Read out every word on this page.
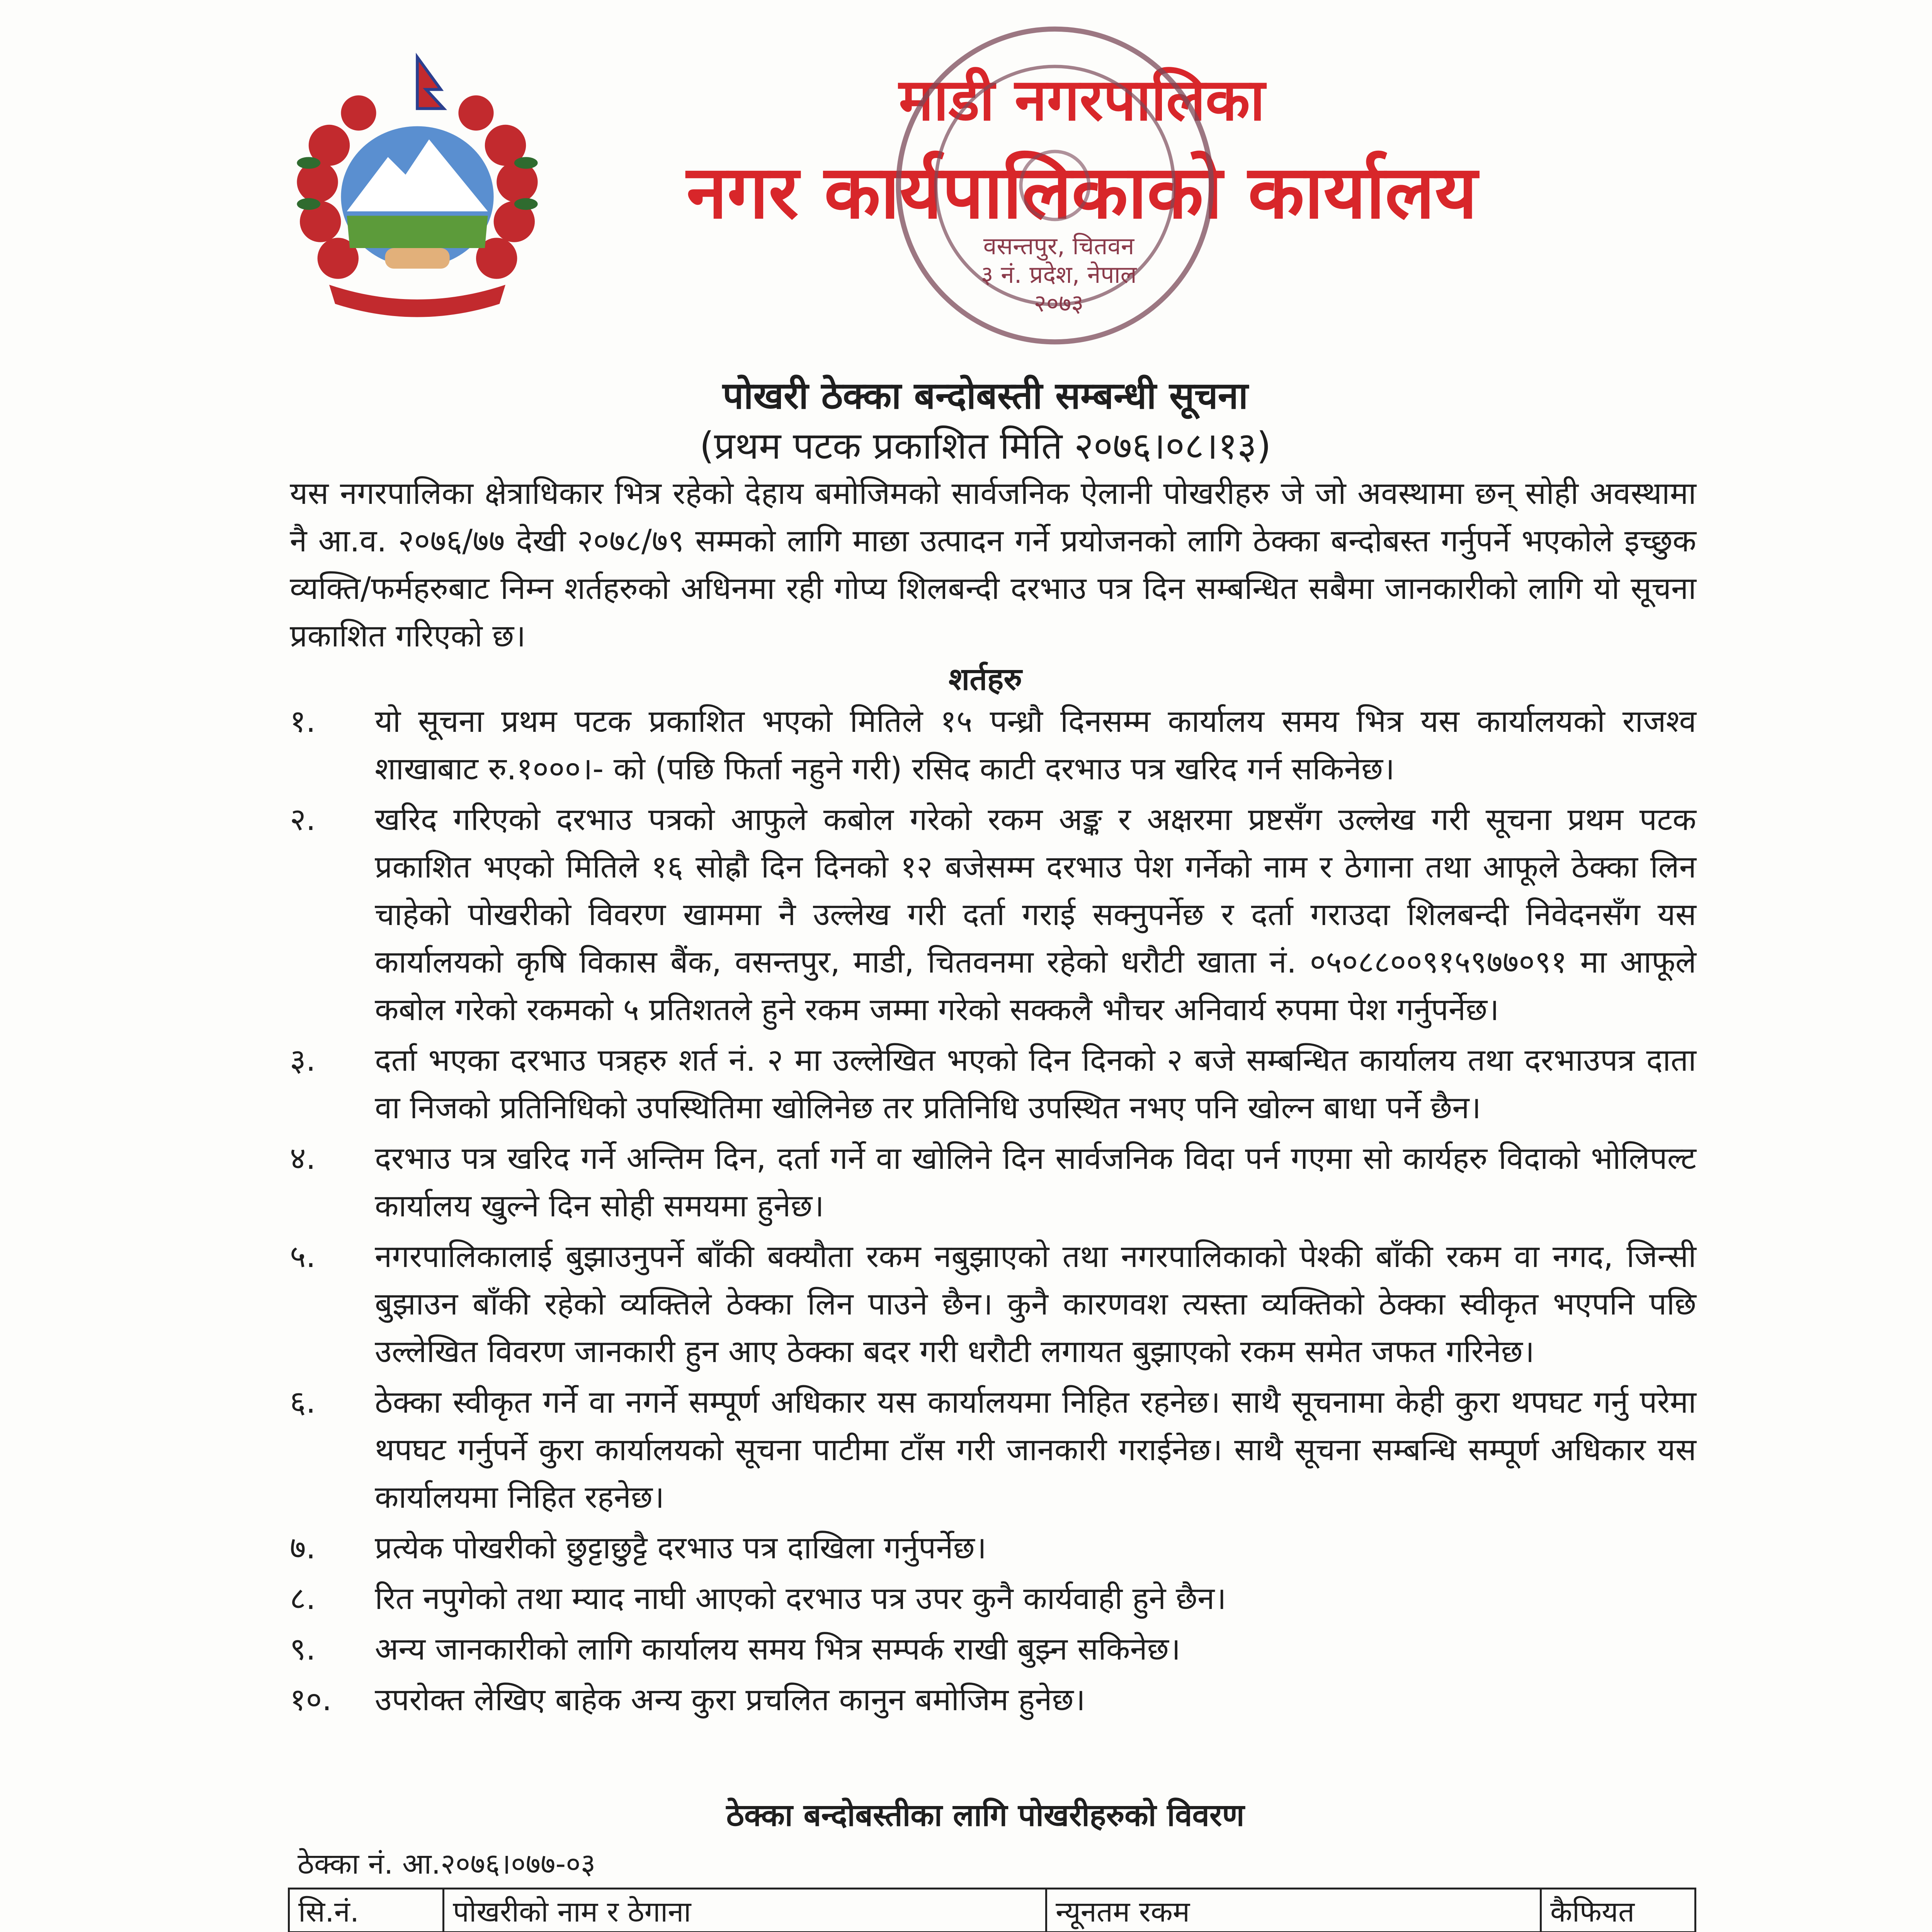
माडी नगरपालिका
नगर कार्यपालिकाको कार्यालय
वसन्तपुर, चितवन
३ नं. प्रदेश, नेपाल
२०७३
पोखरी ठेक्का बन्दोबस्ती सम्बन्धी सूचना
(प्रथम पटक प्रकाशित मिति २०७६।०८।१३)
यस नगरपालिका क्षेत्राधिकार भित्र रहेको देहाय बमोजिमको सार्वजनिक ऐलानी पोखरीहरु जे जो अवस्थामा छन् सोही अवस्थामा नै आ.व. २०७६/७७ देखी २०७८/७९ सम्मको लागि माछा उत्पादन गर्ने प्रयोजनको लागि ठेक्का बन्दोबस्त गर्नुपर्ने भएकोले इच्छुक व्यक्ति/फर्महरुबाट निम्न शर्तहरुको अधिनमा रही गोप्य शिलबन्दी दरभाउ पत्र दिन सम्बन्धित सबैमा जानकारीको लागि यो सूचना प्रकाशित गरिएको छ।
शर्तहरु
१.	यो सूचना प्रथम पटक प्रकाशित भएको मितिले १५ पन्ध्रौ दिनसम्म कार्यालय समय भित्र यस कार्यालयको राजश्व शाखाबाट रु.१०००।- को (पछि फिर्ता नहुने गरी) रसिद काटी दरभाउ पत्र खरिद गर्न सकिनेछ।
२.	खरिद गरिएको दरभाउ पत्रको आफुले कबोल गरेको रकम अङ्क र अक्षरमा प्रष्टसँग उल्लेख गरी सूचना प्रथम पटक प्रकाशित भएको मितिले १६ सोह्रौ दिन दिनको १२ बजेसम्म दरभाउ पेश गर्नेको नाम र ठेगाना तथा आफूले ठेक्का लिन चाहेको पोखरीको विवरण खाममा नै उल्लेख गरी दर्ता गराई सक्नुपर्नेछ र दर्ता गराउदा शिलबन्दी निवेदनसँग यस कार्यालयको कृषि विकास बैंक, वसन्तपुर, माडी, चितवनमा रहेको धरौटी खाता नं. ०५०८८००९१५९७७०९१ मा आफूले कबोल गरेको रकमको ५ प्रतिशतले हुने रकम जम्मा गरेको सक्कलै भौचर अनिवार्य रुपमा पेश गर्नुपर्नेछ।
३.	दर्ता भएका दरभाउ पत्रहरु शर्त नं. २ मा उल्लेखित भएको दिन दिनको २ बजे सम्बन्धित कार्यालय तथा दरभाउपत्र दाता वा निजको प्रतिनिधिको उपस्थितिमा खोलिनेछ तर प्रतिनिधि उपस्थित नभए पनि खोल्न बाधा पर्ने छैन।
४.	दरभाउ पत्र खरिद गर्ने अन्तिम दिन, दर्ता गर्ने वा खोलिने दिन सार्वजनिक विदा पर्न गएमा सो कार्यहरु विदाको भोलिपल्ट कार्यालय खुल्ने दिन सोही समयमा हुनेछ।
५.	नगरपालिकालाई बुझाउनुपर्ने बाँकी बक्यौता रकम नबुझाएको तथा नगरपालिकाको पेश्की बाँकी रकम वा नगद, जिन्सी बुझाउन बाँकी रहेको व्यक्तिले ठेक्का लिन पाउने छैन। कुनै कारणवश त्यस्ता व्यक्तिको ठेक्का स्वीकृत भएपनि पछि उल्लेखित विवरण जानकारी हुन आए ठेक्का बदर गरी धरौटी लगायत बुझाएको रकम समेत जफत गरिनेछ।
६.	ठेक्का स्वीकृत गर्ने वा नगर्ने सम्पूर्ण अधिकार यस कार्यालयमा निहित रहनेछ। साथै सूचनामा केही कुरा थपघट गर्नु परेमा थपघट गर्नुपर्ने कुरा कार्यालयको सूचना पाटीमा टाँस गरी जानकारी गराईनेछ। साथै सूचना सम्बन्धि सम्पूर्ण अधिकार यस कार्यालयमा निहित रहनेछ।
७.	प्रत्येक पोखरीको छुट्टाछुट्टै दरभाउ पत्र दाखिला गर्नुपर्नेछ।
८.	रित नपुगेको तथा म्याद नाघी आएको दरभाउ पत्र उपर कुनै कार्यवाही हुने छैन।
९.	अन्य जानकारीको लागि कार्यालय समय भित्र सम्पर्क राखी बुझ्न सकिनेछ।
१०.	उपरोक्त लेखिए बाहेक अन्य कुरा प्रचलित कानुन बमोजिम हुनेछ।
ठेक्का बन्दोबस्तीका लागि पोखरीहरुको विवरण
ठेक्का नं. आ.२०७६।०७७-०३
सि.नं.	पोखरीको नाम र ठेगाना	न्यूनतम रकम	कैफियत
